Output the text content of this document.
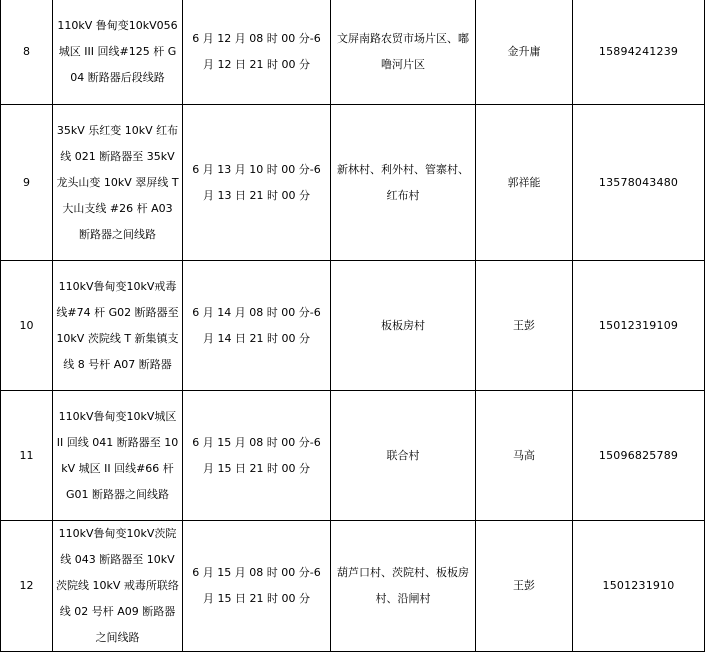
8	110kV 鲁甸变10kV056 城区 III 回线#125 杆 G04 断路器后段线路	6 月 12 月 08 时 00 分-6 月 12 日 21 时 00 分	文屏南路农贸市场片区、嘟噜河片区	金升庸	15894241239
9	35kV 乐红变 10kV 红布线 021 断路器至 35kV 龙头山变 10kV 翠屏线 T 大山支线 #26 杆 A03 断路器之间线路	6 月 13 月 10 时 00 分-6 月 13 日 21 时 00 分	新林村、利外村、管寨村、红布村	郭祥能	13578043480
10	110kV鲁甸变10kV戒毒线#74 杆 G02 断路器至 10kV 茨院线 T 新集镇支线 8 号杆 A07 断路器	6 月 14 月 08 时 00 分-6 月 14 日 21 时 00 分	板板房村	王彭	15012319109
11	110kV鲁甸变10kV城区 II 回线 041 断路器至 10kV 城区 II 回线#66 杆 G01 断路器之间线路	6 月 15 月 08 时 00 分-6 月 15 日 21 时 00 分	联合村	马高	15096825789
12	110kV鲁甸变10kV茨院线 043 断路器至 10kV 茨院线 10kV 戒毒所联络线 02 号杆 A09 断路器之间线路	6 月 15 月 08 时 00 分-6 月 15 日 21 时 00 分	葫芦口村、茨院村、板板房村、沿闸村	王彭	1501231910
